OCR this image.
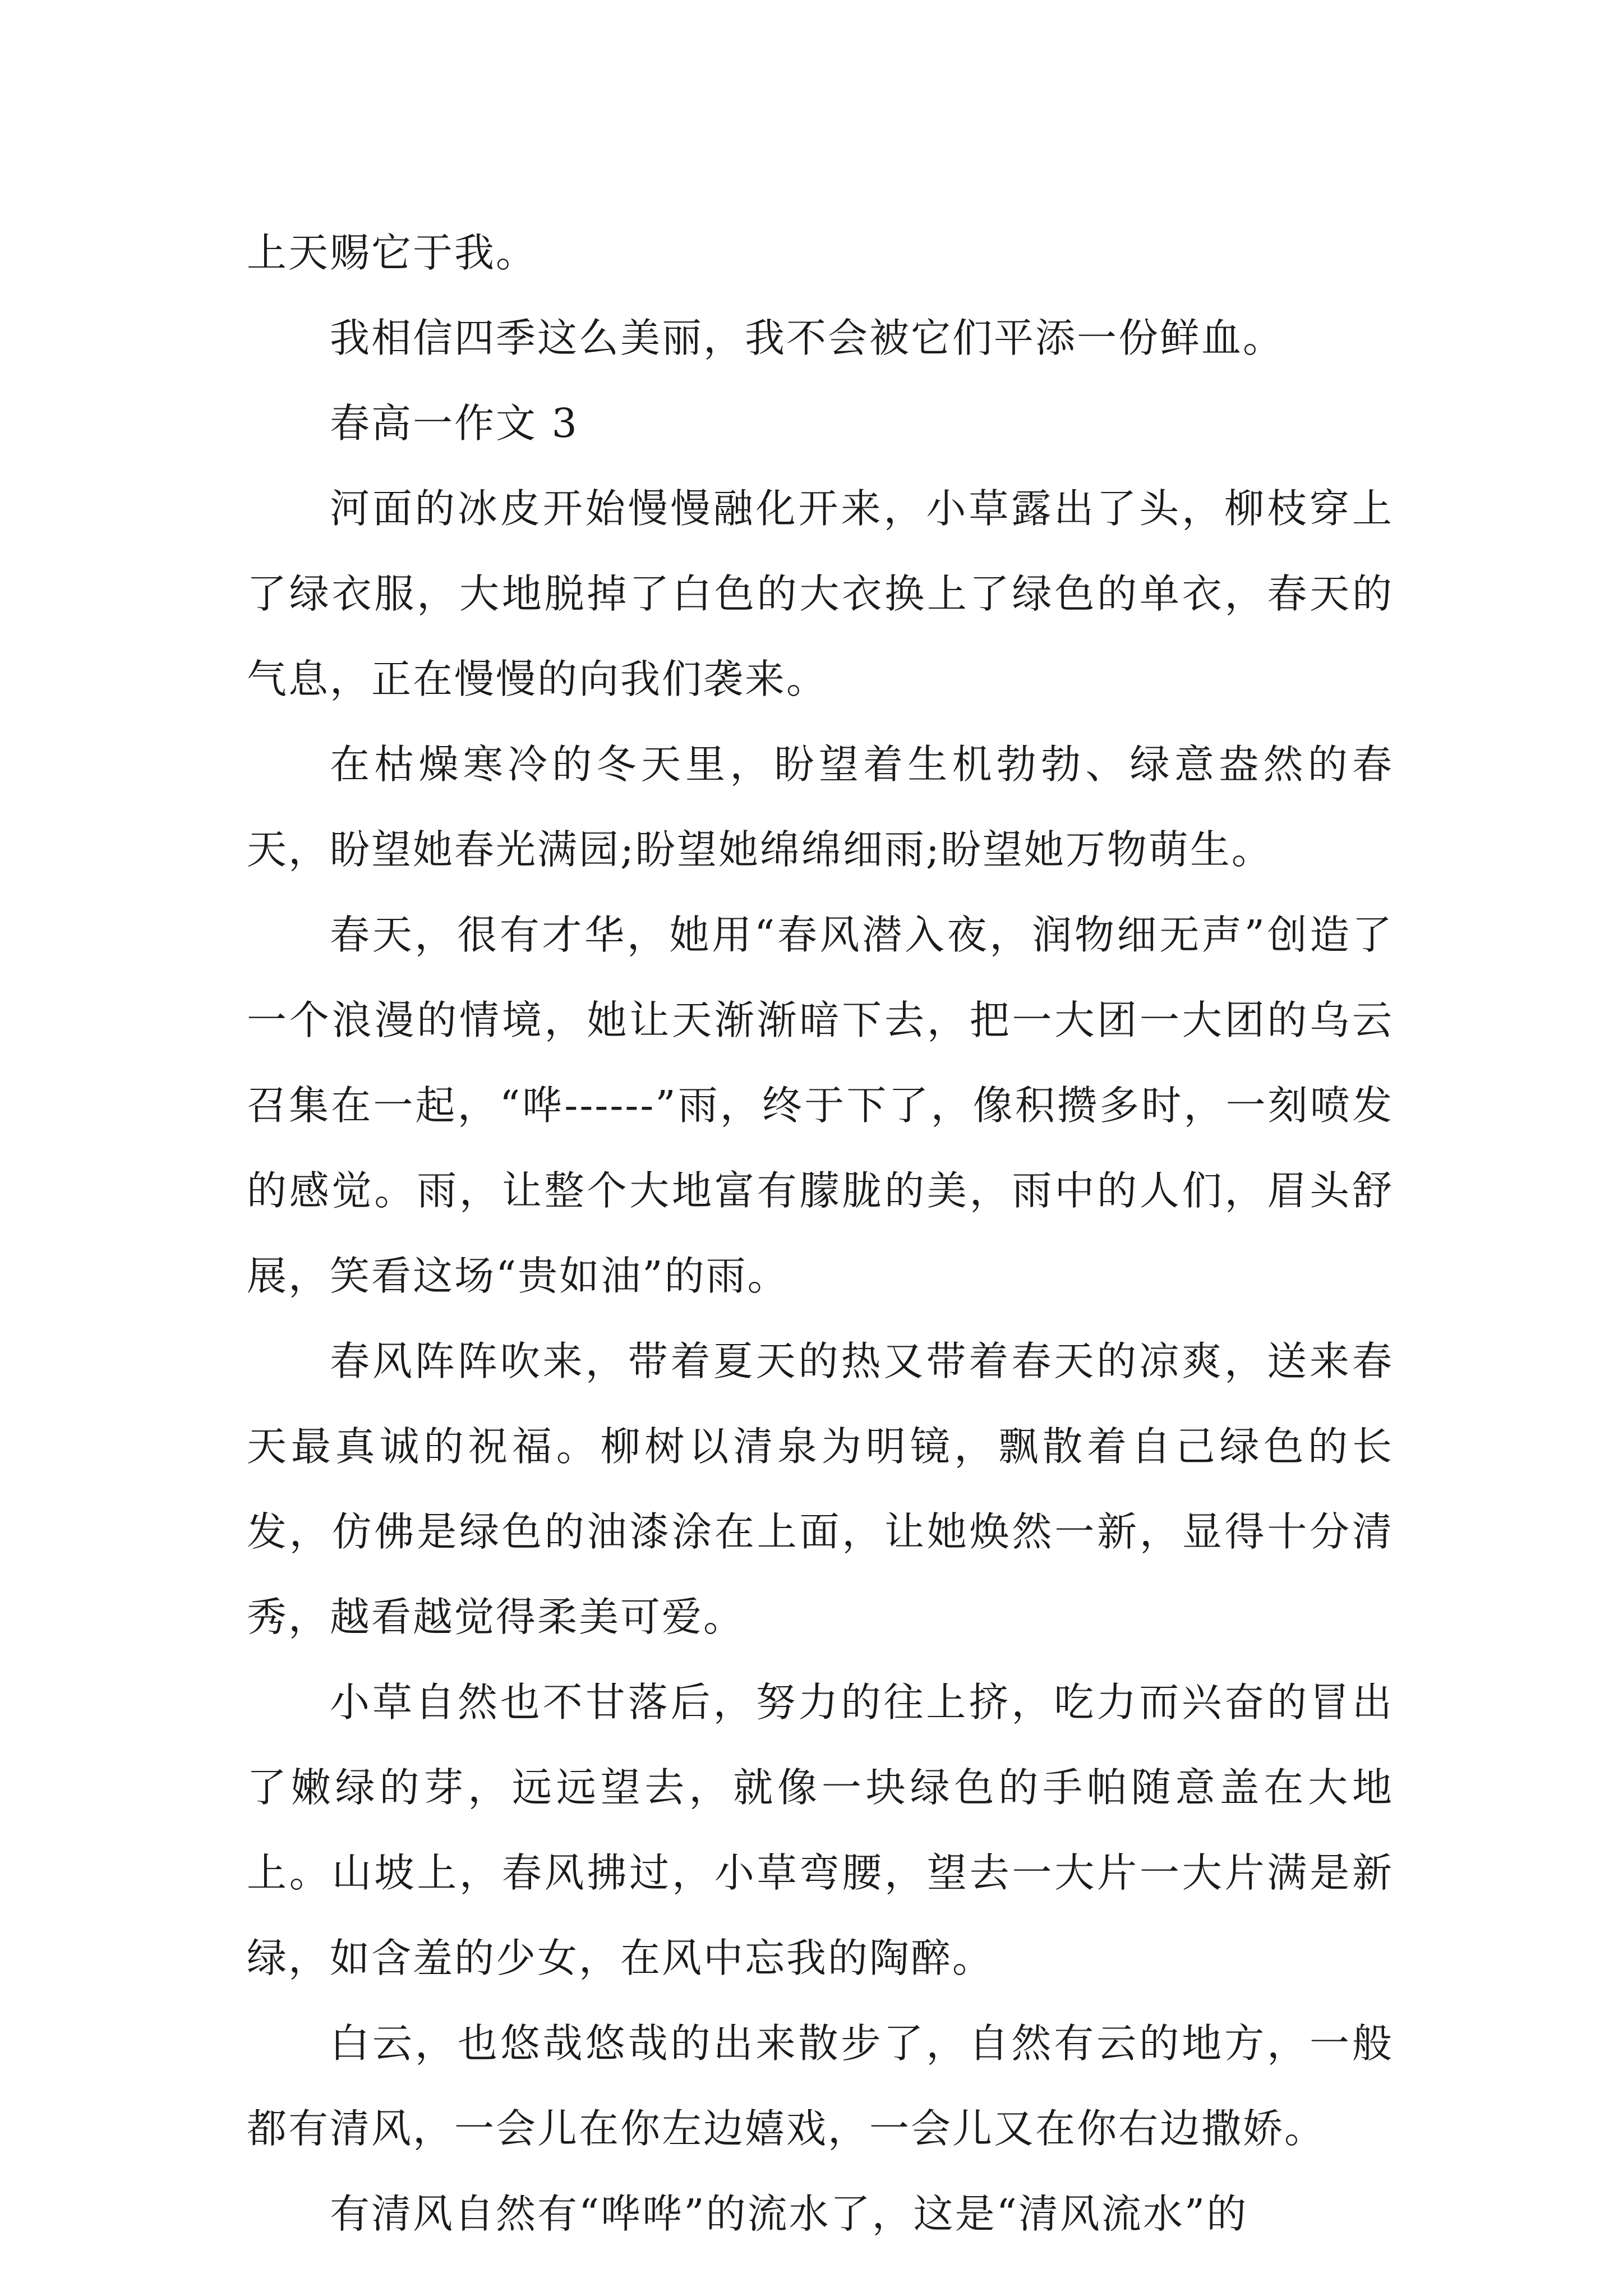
上天赐它于我。

我相信四季这么美丽，我不会被它们平添一份鲜血。

春高一作文 3

河面的冰皮开始慢慢融化开来，小草露出了头，柳枝穿上了绿衣服，大地脱掉了白色的大衣换上了绿色的单衣，春天的气息，正在慢慢的向我们袭来。

在枯燥寒冷的冬天里，盼望着生机勃勃、绿意盎然的春天，盼望她春光满园;盼望她绵绵细雨;盼望她万物萌生。

春天，很有才华，她用“春风潜入夜，润物细无声”创造了一个浪漫的情境，她让天渐渐暗下去，把一大团一大团的乌云召集在一起，“哗------”雨，终于下了，像积攒多时，一刻喷发的感觉。雨，让整个大地富有朦胧的美，雨中的人们，眉头舒展，笑看这场“贵如油”的雨。

春风阵阵吹来，带着夏天的热又带着春天的凉爽，送来春天最真诚的祝福。柳树以清泉为明镜，飘散着自己绿色的长发，仿佛是绿色的油漆涂在上面，让她焕然一新，显得十分清秀，越看越觉得柔美可爱。

小草自然也不甘落后，努力的往上挤，吃力而兴奋的冒出了嫩绿的芽，远远望去，就像一块绿色的手帕随意盖在大地上。山坡上，春风拂过，小草弯腰，望去一大片一大片满是新绿，如含羞的少女，在风中忘我的陶醉。

白云，也悠哉悠哉的出来散步了，自然有云的地方，一般都有清风，一会儿在你左边嬉戏，一会儿又在你右边撒娇。

有清风自然有“哗哗”的流水了，这是“清风流水”的
